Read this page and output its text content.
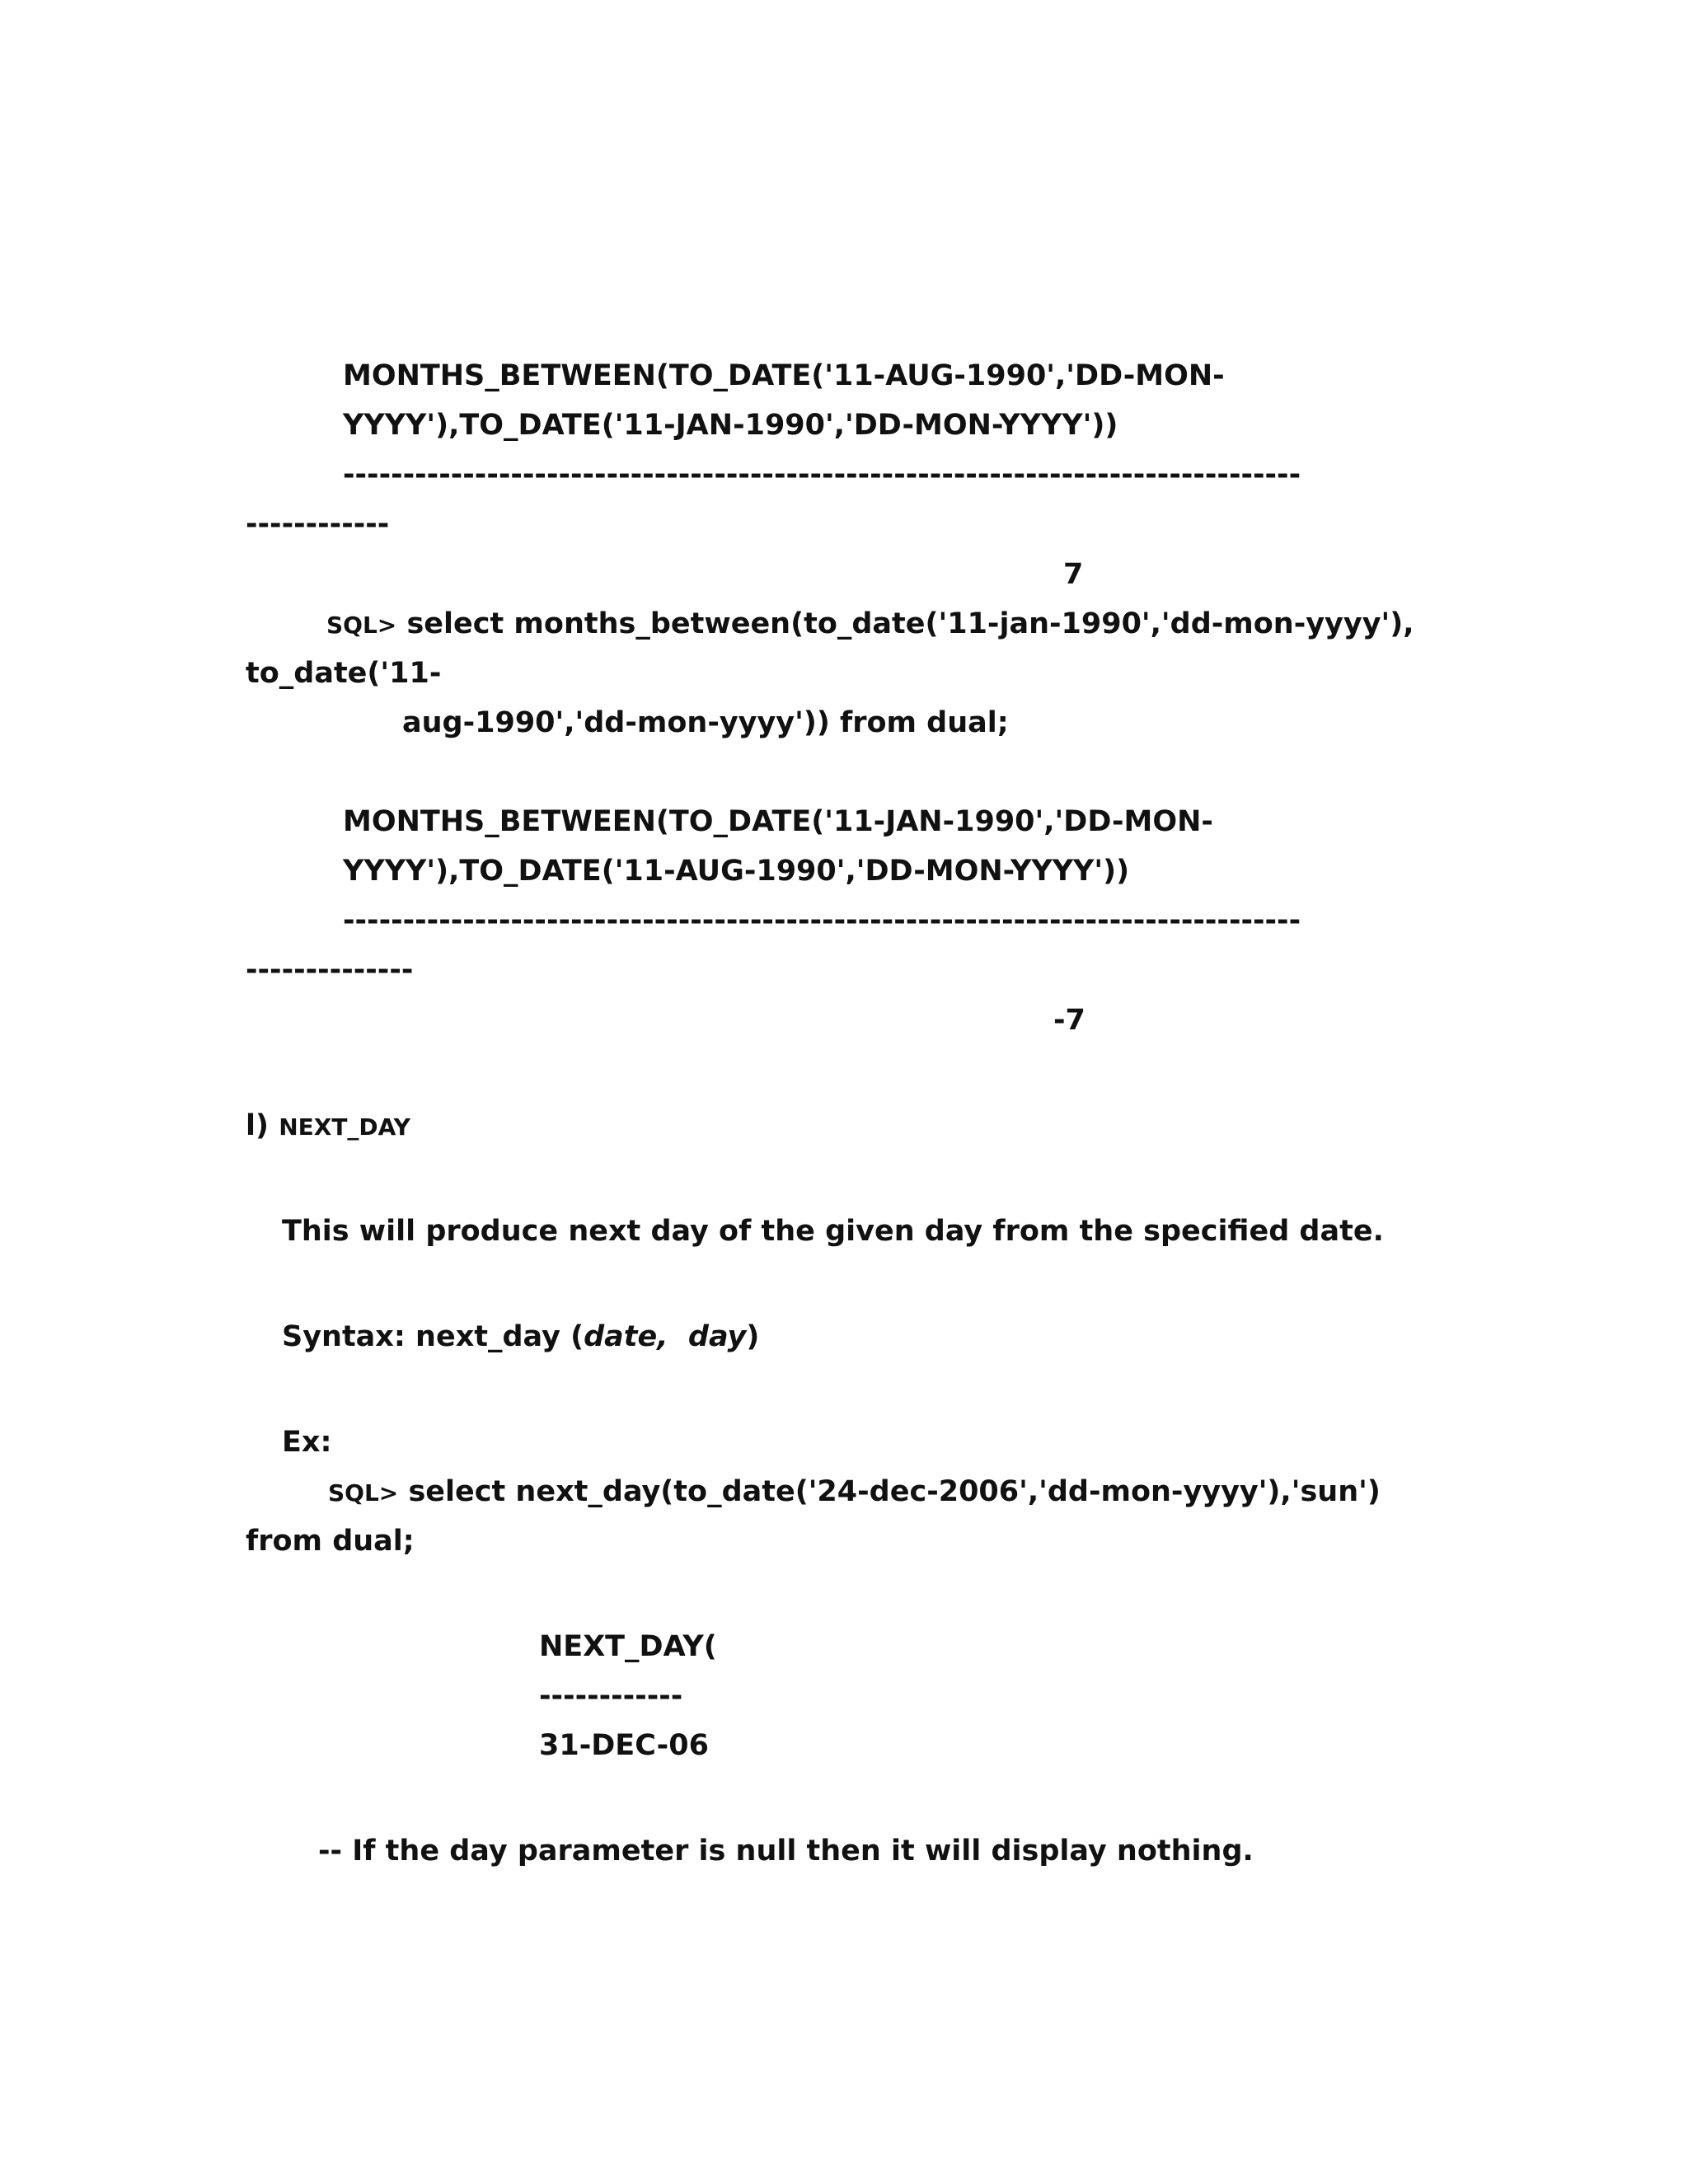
MONTHS_BETWEEN(TO_DATE('11-AUG-1990','DD-MON-
YYYY'),TO_DATE('11-JAN-1990','DD-MON-YYYY'))
--------------------------------------------------------------------------------
------------
7
SQL> select months_between(to_date('11-jan-1990','dd-mon-yyyy'),
to_date('11-
aug-1990','dd-mon-yyyy')) from dual;
MONTHS_BETWEEN(TO_DATE('11-JAN-1990','DD-MON-
YYYY'),TO_DATE('11-AUG-1990','DD-MON-YYYY'))
--------------------------------------------------------------------------------
--------------
-7
l) NEXT_DAY
This will produce next day of the given day from the specified date.
Syntax: next_day (date, day)
Ex:
SQL> select next_day(to_date('24-dec-2006','dd-mon-yyyy'),'sun')
from dual;
NEXT_DAY(
------------
31-DEC-06
-- If the day parameter is null then it will display nothing.
